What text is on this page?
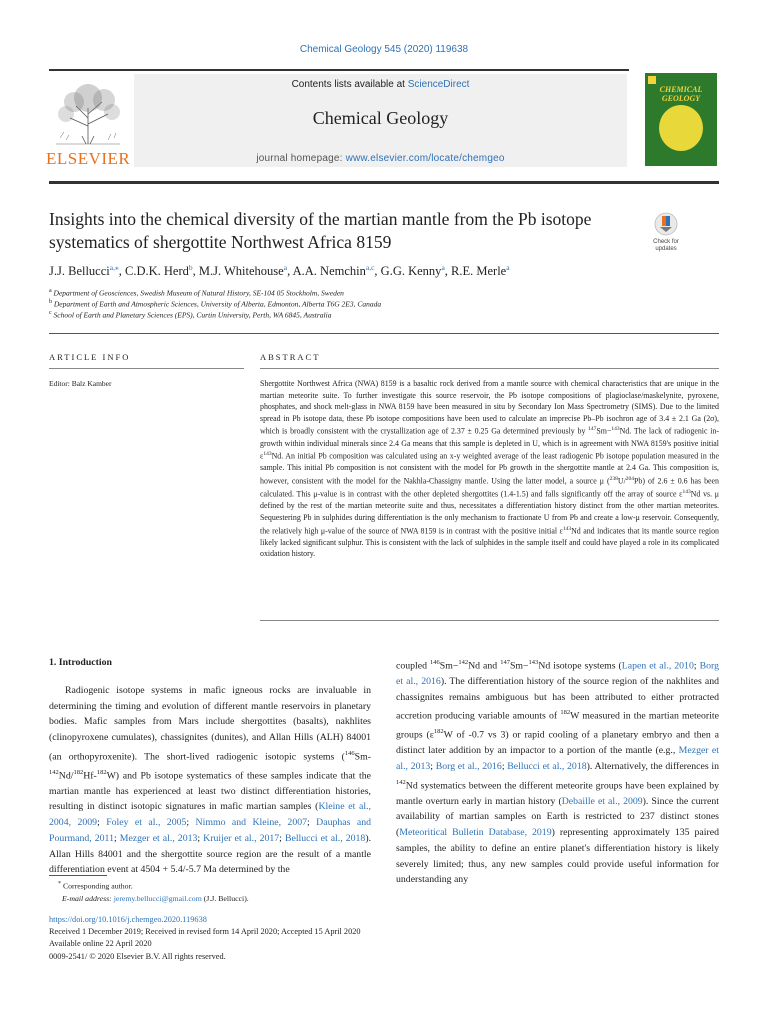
Chemical Geology 545 (2020) 119638
ELSEVIER
Contents lists available at ScienceDirect
Chemical Geology
journal homepage: www.elsevier.com/locate/chemgeo
CHEMICAL GEOLOGY
Insights into the chemical diversity of the martian mantle from the Pb isotope systematics of shergottite Northwest Africa 8159	Check for updates
J.J. Bellucci$^{a,⁎}$, C.D.K. Herd$^b$, M.J. Whitehouse$^a$, A.A. Nemchin$^{a,c}$, G.G. Kenny$^a$, R.E. Merle$^a$
$^a$ Department of Geosciences, Swedish Museum of Natural History, SE-104 05 Stockholm, Sweden
$^b$ Department of Earth and Atmospheric Sciences, University of Alberta, Edmonton, Alberta T6G 2E3, Canada
$^c$ School of Earth and Planetary Sciences (EPS), Curtin University, Perth, WA 6845, Australia
ARTICLE INFO	ABSTRACT
Editor: Balz Kamber	Shergottite Northwest Africa (NWA) 8159 is a basaltic rock derived from a mantle source with chemical characteristics that are unique in the martian meteorite suite. To further investigate this source reservoir, the Pb isotope compositions of plagioclase/maskelynite, pyroxene, phosphates, and shock melt-glass in NWA 8159 have been measured in situ by Secondary Ion Mass Spectrometry (SIMS). Due to the limited spread in Pb isotope data, these Pb isotope compositions have been used to calculate an imprecise Pb–Pb isochron age of 3.4 ± 2.1 Ga (2σ), which is broadly consistent with the crystallization age of 2.37 ± 0.25 Ga determined previously by $^{147}$Sm−$^{143}$Nd. The lack of radiogenic in-growth within individual minerals since 2.4 Ga means that this sample is depleted in U, which is in agreement with NWA 8159's positive initial $\varepsilon^{143}Nd$. An initial Pb composition was calculated using an x-y weighted average of the least radiogenic Pb isotope population measured in the sample. This initial Pb composition is not consistent with the model for Pb growth in the shergottite mantle at 2.4 Ga. This composition is, however, consistent with the model for the Nakhla-Chassigny mantle. Using the latter model, a source μ ($^{238}$U/$^{204}$Pb) of 2.6 ± 0.6 has been calculated. This μ-value is in contrast with the other depleted shergottites (1.4-1.5) and falls significantly off the array of source $\varepsilon^{143}Nd$ vs. μ defined by the rest of the martian meteorite suite and thus, necessitates a differentiation history distinct from the other martian meteorites. Sequestering Pb in sulphides during differentiation is the only mechanism to fractionate U from Pb and create a low-μ reservoir. Consequently, the relatively high μ-value of the source of NWA 8159 is in contrast with the positive initial $\varepsilon^{143}Nd$ and indicates that its mantle source region likely lacked significant sulphur. This is consistent with the lack of sulphides in the sample itself and could have played a role in its complicated oxidation history.
1. Introduction
Radiogenic isotope systems in mafic igneous rocks are invaluable in determining the timing and evolution of different mantle reservoirs in planetary bodies. Mafic samples from Mars include shergottites (basalts), nakhlites (clinopyroxene cumulates), chassignites (dunites), and Allan Hills (ALH) 84001 (an orthopyroxenite). The short-lived radiogenic isotopic systems ($^{146}$Sm-$^{142}$Nd/$^{182}$Hf-$^{182}$W) and Pb isotope systematics of these samples indicate that the martian mantle has experienced at least two distinct differentiation histories, resulting in distinct isotopic signatures in mafic martian samples (Kleine et al., 2004, 2009; Foley et al., 2005; Nimmo and Kleine, 2007; Dauphas and Pourmand, 2011; Mezger et al., 2013; Kruijer et al., 2017; Bellucci et al., 2018). Allan Hills 84001 and the shergottite source region are the result of a mantle differentiation event at 4504 + 5.4/-5.7 Ma determined by the
coupled $^{146}$Sm−$^{142}$Nd and $^{147}$Sm−$^{143}$Nd isotope systems (Lapen et al., 2010; Borg et al., 2016). The differentiation history of the source region of the nakhlites and chassignites remains ambiguous but has been attributed to either protracted accretion producing variable amounts of $^{182}$W measured in the martian meteorite groups ($\varepsilon^{182}W$ of -0.7 vs 3) or rapid cooling of a planetary embryo and then a distinct later addition by an impactor to a portion of the mantle (e.g., Mezger et al., 2013; Borg et al., 2016; Bellucci et al., 2018). Alternatively, the differences in $^{142}$Nd systematics between the different meteorite groups have been explained by mantle overturn early in martian history (Debaille et al., 2009). Since the current availability of martian samples on Earth is restricted to 237 distinct stones (Meteoritical Bulletin Database, 2019) representing approximately 135 paired samples, the ability to define an entire planet's differentiation history is likely severely limited; thus, any new samples could provide useful information for understanding any
* Corresponding author.
E-mail address: jeremy.bellucci@gmail.com (J.J. Bellucci).
https://doi.org/10.1016/j.chemgeo.2020.119638
Received 1 December 2019; Received in revised form 14 April 2020; Accepted 15 April 2020
Available online 22 April 2020
0009-2541/ © 2020 Elsevier B.V. All rights reserved.
